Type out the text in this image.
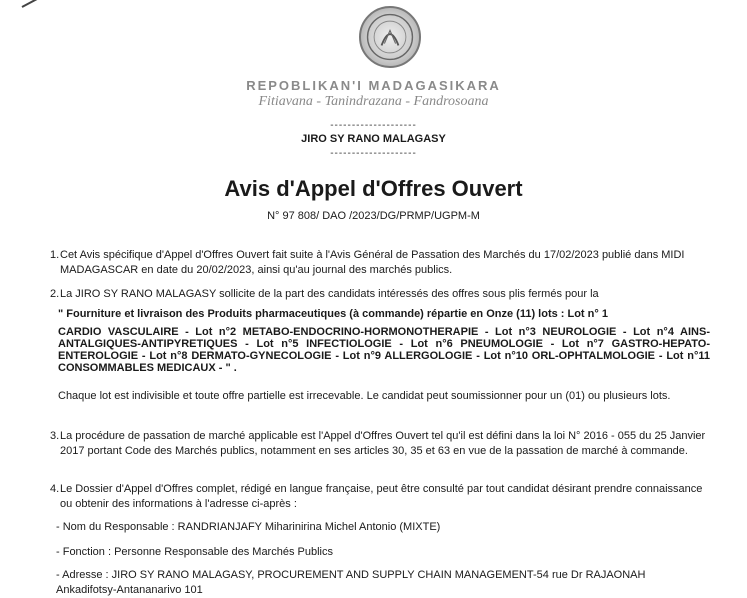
REPOBLIKAN'I MADAGASIKARA
Fitiavana - Tanindrazana - Fandrosoana
--------------------
JIRO SY RANO MALAGASY
--------------------
Avis d'Appel d'Offres Ouvert
N° 97 808/ DAO /2023/DG/PRMP/UGPM-M
1. Cet Avis spécifique d'Appel d'Offres Ouvert fait suite à l'Avis Général de Passation des Marchés du 17/02/2023 publié dans MIDI MADAGASCAR en date du 20/02/2023, ainsi qu'au journal des marchés publics.
2. La JIRO SY RANO MALAGASY sollicite de la part des candidats intéressés des offres sous plis fermés pour la
" Fourniture et livraison des Produits pharmaceutiques (à commande) répartie en Onze (11) lots : Lot n° 1
CARDIO VASCULAIRE - Lot n°2 METABO-ENDOCRINO-HORMONOTHERAPIE - Lot n°3 NEUROLOGIE - Lot n°4 AINS-ANTALGIQUES-ANTIPYRETIQUES - Lot n°5 INFECTIOLOGIE - Lot n°6 PNEUMOLOGIE - Lot n°7 GASTRO-HEPATO-ENTEROLOGIE - Lot n°8 DERMATO-GYNECOLOGIE - Lot n°9 ALLERGOLOGIE - Lot n°10 ORL-OPHTALMOLOGIE - Lot n°11 CONSOMMABLES MEDICAUX - " .
Chaque lot est indivisible et toute offre partielle est irrecevable. Le candidat peut soumissionner pour un (01) ou plusieurs lots.
3. La procédure de passation de marché applicable est l'Appel d'Offres Ouvert tel qu'il est défini dans la loi N° 2016 - 055 du 25 Janvier 2017 portant Code des Marchés publics, notamment en ses articles 30, 35 et 63 en vue de la passation de marché à commande.
4. Le Dossier d'Appel d'Offres complet, rédigé en langue française, peut être consulté par tout candidat désirant prendre connaissance ou obtenir des informations à l'adresse ci-après :
- Nom du Responsable : RANDRIANJAFY Miharinirina Michel Antonio (MIXTE)
- Fonction : Personne Responsable des Marchés Publics
- Adresse : JIRO SY RANO MALAGASY, PROCUREMENT AND SUPPLY CHAIN MANAGEMENT-54 rue Dr RAJAONAH Ankadifotsy-Antananarivo 101
